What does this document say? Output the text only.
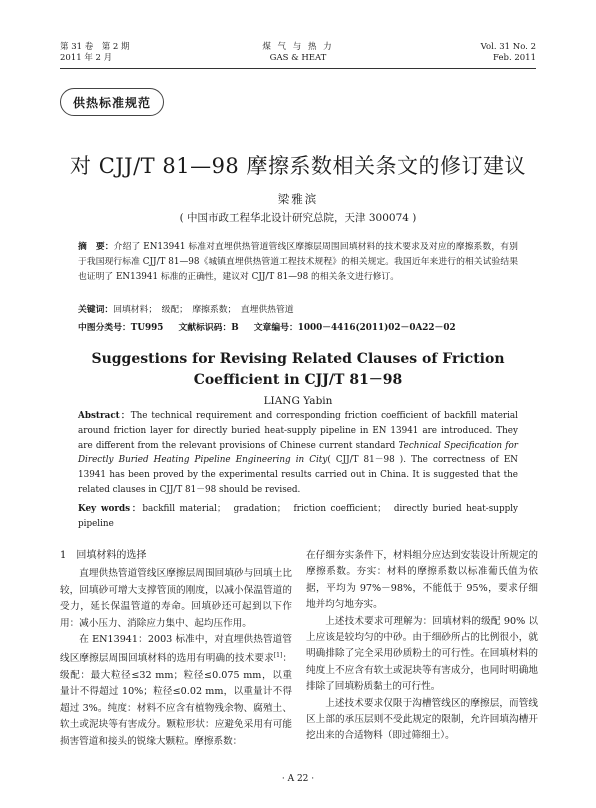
第 31 卷　第 2 期
2011 年 2 月
煤 气 与 热 力
GAS & HEAT
Vol. 31 No. 2
Feb. 2011
供热标准规范
对 CJJ/T 81—98 摩擦系数相关条文的修订建议
梁雅滨
( 中国市政工程华北设计研究总院，天津 300074 )
摘　要：介绍了 EN13941 标准对直埋供热管道管线区摩擦层周围回填材料的技术要求及对应的摩擦系数，有别于我国现行标准 CJJ/T 81—98《城镇直埋供热管道工程技术规程》的相关规定。我国近年来进行的相关试验结果也证明了 EN13941 标准的正确性，建议对 CJJ/T 81—98 的相关条文进行修订。
关键词：回填材料；　级配；　摩擦系数；　直埋供热管道
中图分类号：TU995 文献标识码：B 文章编号：1000－4416(2011)02－0A22－02
Suggestions for Revising Related Clauses of Friction
Coefficient in CJJ/T 81－98
LIANG Yabin
Abstract：The technical requirement and corresponding friction coefficient of backfill material around friction layer for directly buried heat-supply pipeline in EN 13941 are introduced. They are different from the relevant provisions of Chinese current standard Technical Specification for Directly Buried Heating Pipeline Engineering in City( CJJ/T 81－98 ). The correctness of EN 13941 has been proved by the experimental results carried out in China. It is suggested that the related clauses in CJJ/T 81－98 should be revised.
Key words：backfill material；　gradation；　friction coefficient；　directly buried heat-supply pipeline
1　回填材料的选择

直埋供热管道管线区摩擦层周围回填砂与回填土比较，回填砂可增大支撑管顶的刚度，以减小保温管道的受力，延长保温管道的寿命。回填砂还可起到以下作用：减小压力、消除应力集中、起均压作用。

在 EN13941：2003 标准中，对直埋供热管道管线区摩擦层周围回填材料的选用有明确的技术要求[1]：级配：最大粒径≤32 mm；粒径≤0.075 mm，以重量计不得超过 10%；粒径≤0.02 mm，以重量计不得超过 3%。纯度：材料不应含有植物残余物、腐殖土、软土或泥块等有害成分。颗粒形状：应避免采用有可能损害管道和接头的锐缘大颗粒。摩擦系数：

在仔细夯实条件下，材料组分应达到安装设计所规定的摩擦系数。夯实：材料的摩擦系数以标准葡氏值为依据，平均为 97%－98%，不能低于 95%，要求仔细地并均匀地夯实。

上述技术要求可理解为：回填材料的级配 90% 以上应该是较均匀的中砂。由于细砂所占的比例很小，就明确排除了完全采用砂质粉土的可行性。在回填材料的纯度上不应含有软土或泥块等有害成分，也同时明确地排除了回填粉质黏土的可行性。

上述技术要求仅限于沟槽管线区的摩擦层，而管线区上部的承压层则不受此规定的限制，允许回填沟槽开挖出来的合适物料（即过筛细土）。

· A 22 ·
